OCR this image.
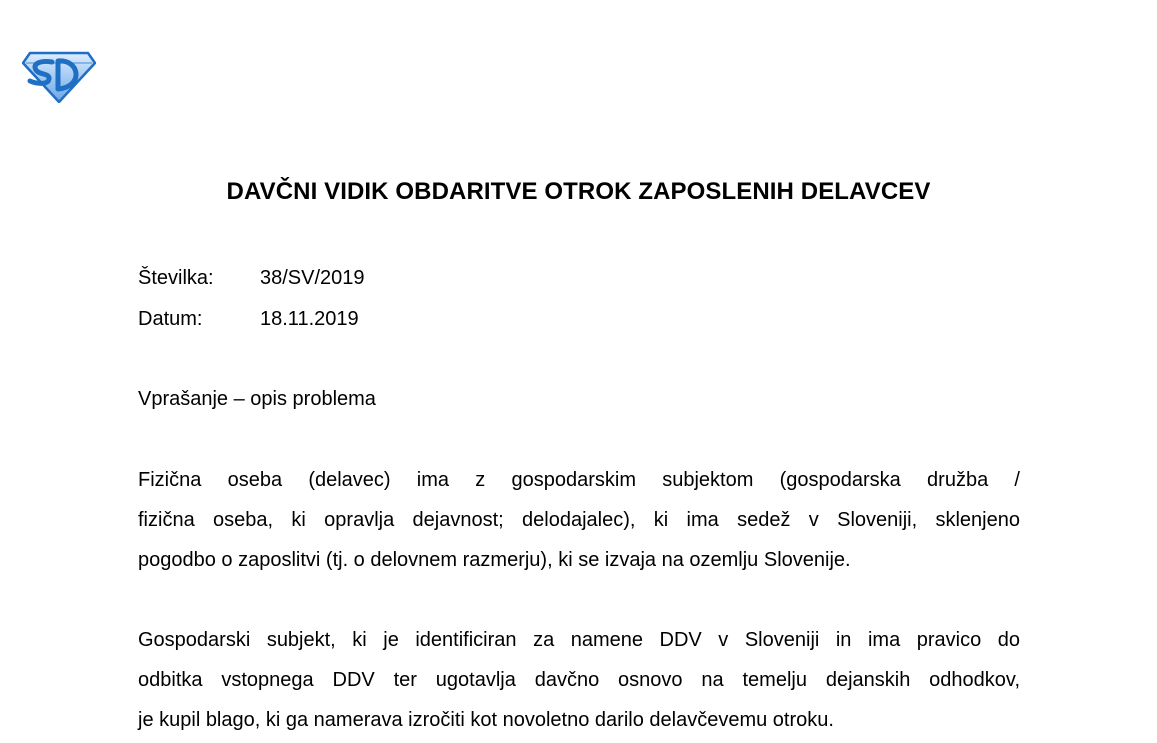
DAVČNI VIDIK OBDARITVE OTROK ZAPOSLENIH DELAVCEV
Številka: 38/SV/2019
Datum:	18.11.2019
Vprašanje – opis problema
Fizična oseba (delavec) ima z gospodarskim subjektom (gospodarska družba /
fizična oseba, ki opravlja dejavnost; delodajalec), ki ima sedež v Sloveniji, sklenjeno
pogodbo o zaposlitvi (tj. o delovnem razmerju), ki se izvaja na ozemlju Slovenije.
Gospodarski subjekt, ki je identificiran za namene DDV v Sloveniji in ima pravico do
odbitka vstopnega DDV ter ugotavlja davčno osnovo na temelju dejanskih odhodkov,
je kupil blago, ki ga namerava izročiti kot novoletno darilo delavčevemu otroku.
